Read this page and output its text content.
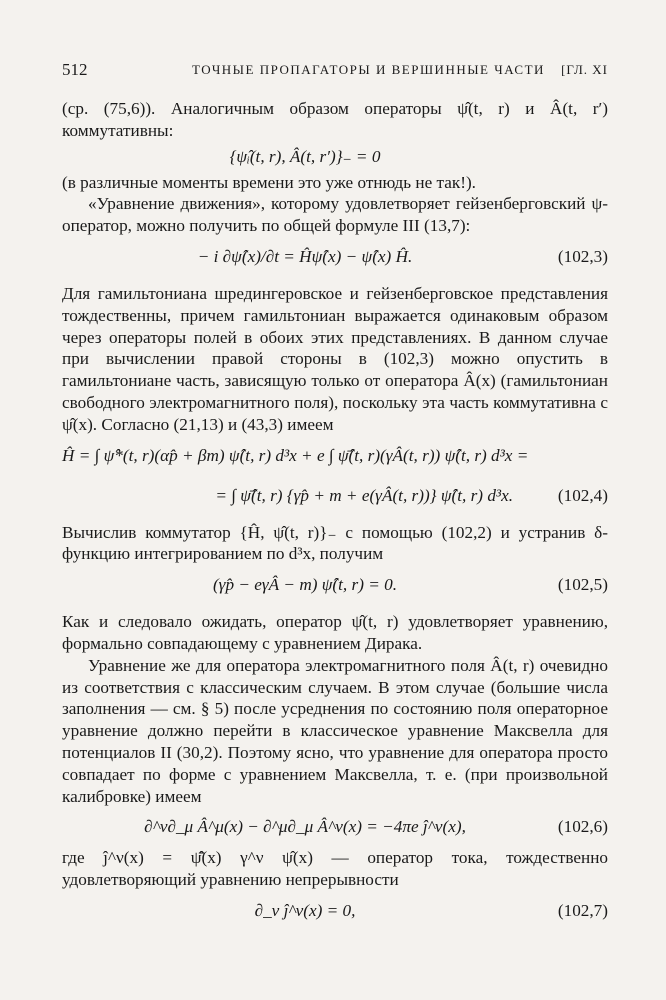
512	ТОЧНЫЕ ПРОПАГАТОРЫ И ВЕРШИННЫЕ ЧАСТИ [ГЛ. XI

(ср. (75,6)). Аналогичным образом операторы ψ̂(t, r) и Â(t, r′) коммутативны:

{ψ̂ᵢ(t, r), Â(t, r′)}₋ = 0

(в различные моменты времени это уже отнюдь не так!).

«Уравнение движения», которому удовлетворяет гейзенберговский ψ-оператор, можно получить по общей формуле III (13,7):

− i ∂ψ̂(x)/∂t = Ĥψ̂(x) − ψ̂(x) Ĥ.	(102,3)

Для гамильтониана шредингеровское и гейзенберговское представления тождественны, причем гамильтониан выражается одинаковым образом через операторы полей в обоих этих представлениях. В данном случае при вычислении правой стороны в (102,3) можно опустить в гамильтониане часть, зависящую только от оператора Â(x) (гамильтониан свободного электромагнитного поля), поскольку эта часть коммутативна с ψ̂(x). Согласно (21,13) и (43,3) имеем

Ĥ = ∫ ψ̂*(t, r)(αp̂ + βm) ψ̂(t, r) d³x + e ∫ ψ̄̂(t, r)(γÂ(t, r)) ψ̂(t, r) d³x =
= ∫ ψ̄̂(t, r) {γp̂ + m + e(γÂ(t, r))} ψ̂(t, r) d³x.	(102,4)

Вычислив коммутатор {Ĥ, ψ̂(t, r)}₋ с помощью (102,2) и устранив δ-функцию интегрированием по d³x, получим

(γp̂ − eγÂ − m) ψ̂(t, r) = 0.	(102,5)

Как и следовало ожидать, оператор ψ̂(t, r) удовлетворяет уравнению, формально совпадающему с уравнением Дирака.

Уравнение же для оператора электромагнитного поля Â(t, r) очевидно из соответствия с классическим случаем. В этом случае (большие числа заполнения — см. § 5) после усреднения по состоянию поля операторное уравнение должно перейти в классическое уравнение Максвелла для потенциалов II (30,2). Поэтому ясно, что уравнение для оператора просто совпадает по форме с уравнением Максвелла, т. е. (при произвольной калибровке) имеем

∂^ν∂_μ Â^μ(x) − ∂^μ∂_μ Â^ν(x) = −4πe ĵ^ν(x),	(102,6)

где ĵ^ν(x) = ψ̄̂(x) γ^ν ψ̂(x) — оператор тока, тождественно удовлетворяющий уравнению непрерывности

∂_ν ĵ^ν(x) = 0,	(102,7)
